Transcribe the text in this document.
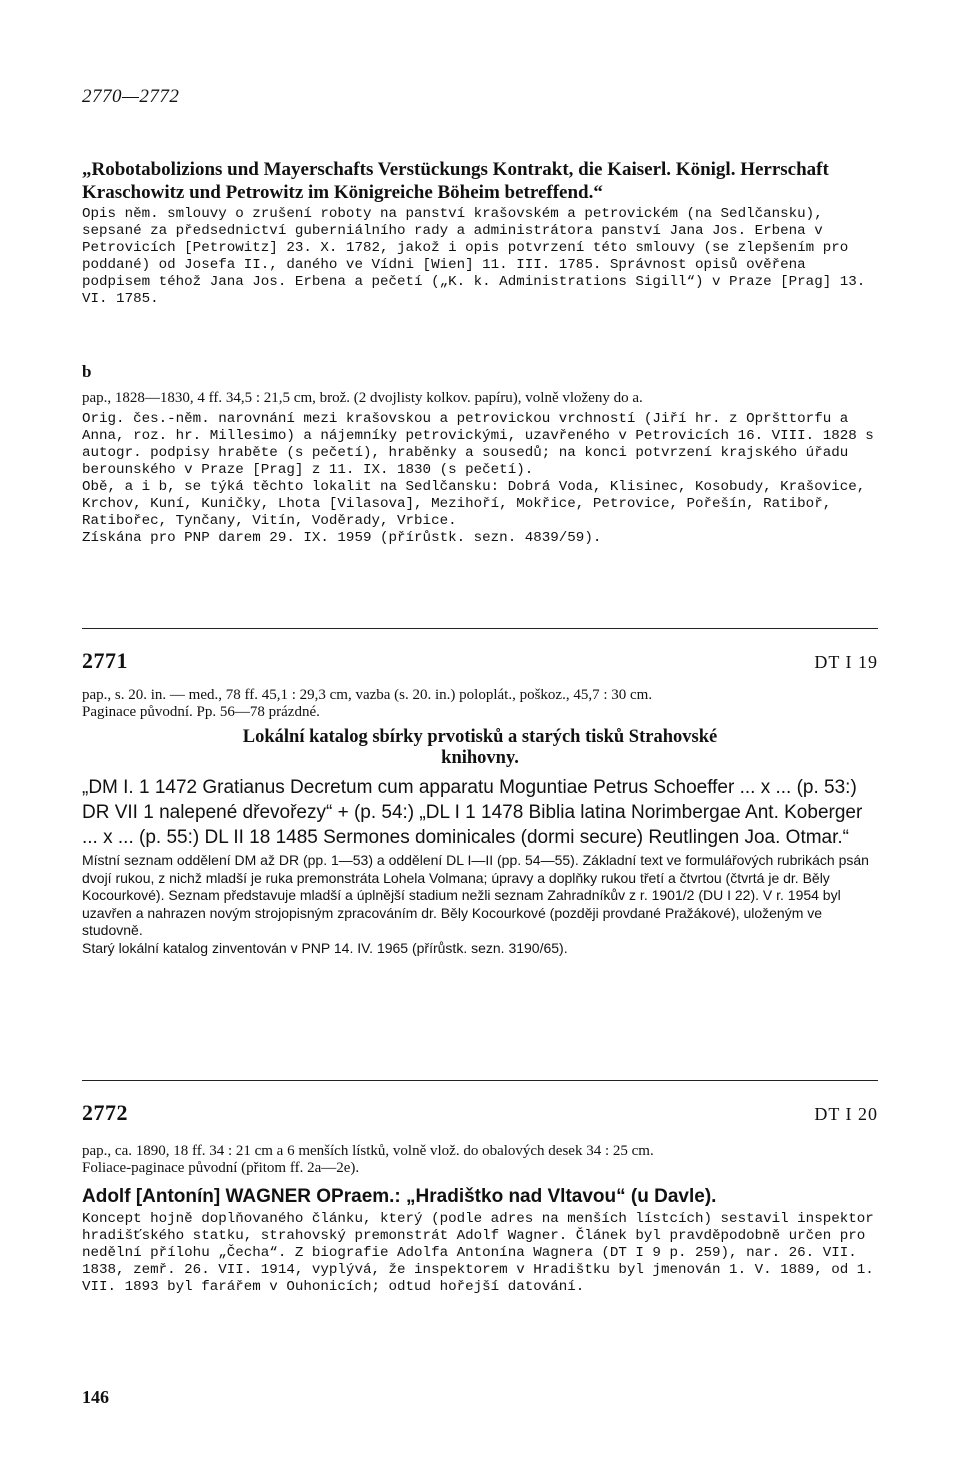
2770—2772

„Robotabolizions und Mayerschafts Verstückungs Kontrakt, die Kaiserl. Königl. Herrschaft Kraschowitz und Petrowitz im Königreiche Böheim betreffend.“

Opis něm. smlouvy o zrušení roboty na panství krašovském a petrovickém (na Sedlčansku), sepsané za předsednictví guberniálního rady a administrátora panství Jana Jos. Erbena v Petrovicích [Petrowitz] 23. X. 1782, jakož i opis potvrzení této smlouvy (se zlepšením pro poddané) od Josefa II., daného ve Vídni [Wien] 11. III. 1785. Správnost opisů ověřena podpisem téhož Jana Jos. Erbena a pečetí („K. k. Administrations Sigill“) v Praze [Prag] 13. VI. 1785.

b

pap., 1828—1830, 4 ff. 34,5 : 21,5 cm, brož. (2 dvojlisty kolkov. papíru), volně vloženy do a.

Orig. čes.-něm. narovnání mezi krašovskou a petrovickou vrchností (Jiří hr. z Opršttorfu a Anna, roz. hr. Millesimo) a nájemníky petrovickými, uzavřeného v Petrovicích 16. VIII. 1828 s autogr. podpisy hraběte (s pečetí), hraběnky a sousedů; na konci potvrzení krajského úřadu berounského v Praze [Prag] z 11. IX. 1830 (s pečetí).

Obě, a i b, se týká těchto lokalit na Sedlčansku: Dobrá Voda, Klisinec, Kosobudy, Krašovice, Krchov, Kuní, Kuničky, Lhota [Vilasova], Mezihoří, Mokřice, Petrovice, Pořešín, Ratiboř, Ratibořec, Tynčany, Vitín, Voděrady, Vrbice.

Získána pro PNP darem 29. IX. 1959 (přírůstk. sezn. 4839/59).

2771	DT I 19

pap., s. 20. in. — med., 78 ff. 45,1 : 29,3 cm, vazba (s. 20. in.) poloplát., poškoz., 45,7 : 30 cm.

Paginace původní. Pp. 56—78 prázdné.

Lokální katalog sbírky prvotisků a starých tisků Strahovské knihovny.

„DM I. 1 1472 Gratianus Decretum cum apparatu Moguntiae Petrus Schoeffer ... x ... (p. 53:) DR VII 1 nalepené dřevořezy“ + (p. 54:) „DL I 1 1478 Biblia latina Norimbergae Ant. Koberger ... x ... (p. 55:) DL II 18 1485 Sermones dominicales (dormi secure) Reutlingen Joa. Otmar.“

Místní seznam oddělení DM až DR (pp. 1—53) a oddělení DL I—II (pp. 54—55). Základní text ve formulářových rubrikách psán dvojí rukou, z nichž mladší je ruka premonstráta Lohela Volmana; úpravy a doplňky rukou třetí a čtvrtou (čtvrtá je dr. Běly Kocourkové). Seznam představuje mladší a úplnější stadium nežli seznam Zahradníkův z r. 1901/2 (DU I 22). V r. 1954 byl uzavřen a nahrazen novým strojopisným zpracováním dr. Běly Kocourkové (později provdané Pražákové), uloženým ve studovně.

Starý lokální katalog zinventován v PNP 14. IV. 1965 (přírůstk. sezn. 3190/65).

2772	DT I 20

pap., ca. 1890, 18 ff. 34 : 21 cm a 6 menších lístků, volně vlož. do obalových desek 34 : 25 cm.

Foliace-paginace původní (přitom ff. 2a—2e).

Adolf [Antonín] WAGNER OPraem.: „Hradištko nad Vltavou“ (u Davle).

Koncept hojně doplňovaného článku, který (podle adres na menších lístcích) sestavil inspektor hradišťského statku, strahovský premonstrát Adolf Wagner. Článek byl pravděpodobně určen pro nedělní přílohu „Čecha“. Z biografie Adolfa Antonína Wagnera (DT I 9 p. 259), nar. 26. VII. 1838, zemř. 26. VII. 1914, vyplývá, že inspektorem v Hradištku byl jmenován 1. V. 1889, od 1. VII. 1893 byl farářem v Ouhonicích; odtud hořejší datování.

146
